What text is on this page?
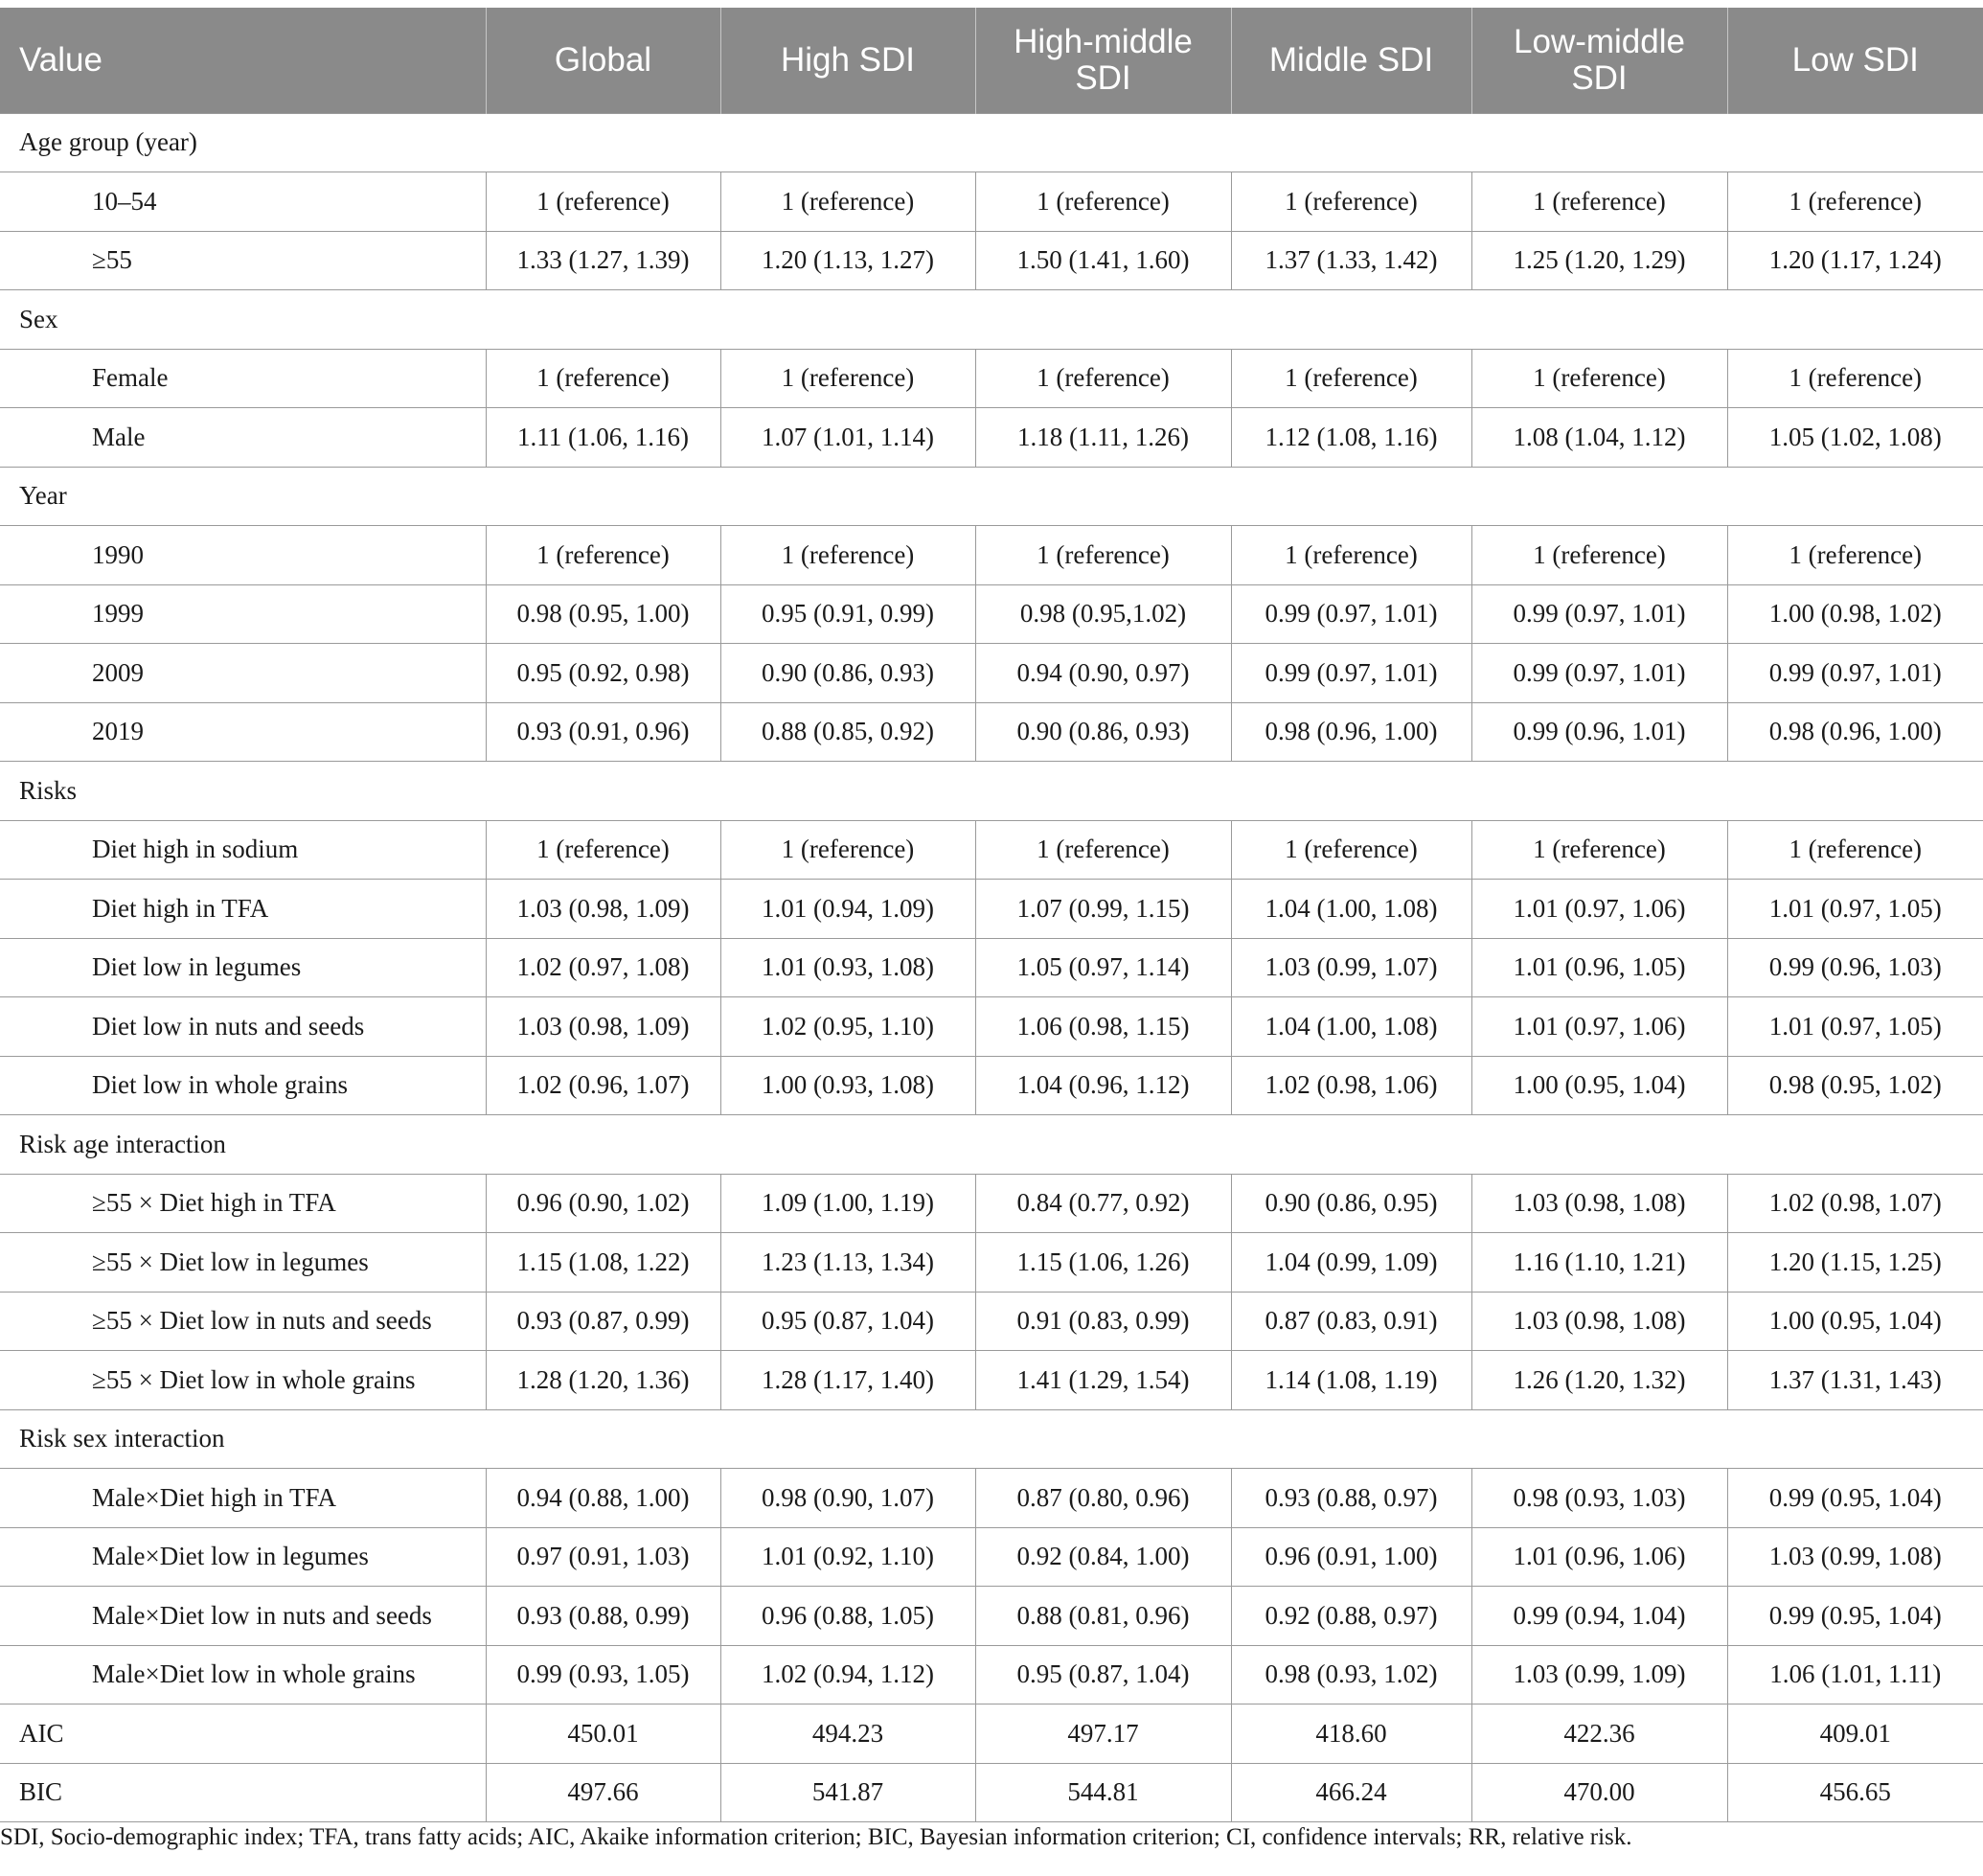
Value	Global	High SDI	High-middle SDI	Middle SDI	Low-middle SDI	Low SDI
Age group (year)						
10–54	1 (reference)	1 (reference)	1 (reference)	1 (reference)	1 (reference)	1 (reference)
≥55	1.33 (1.27, 1.39)	1.20 (1.13, 1.27)	1.50 (1.41, 1.60)	1.37 (1.33, 1.42)	1.25 (1.20, 1.29)	1.20 (1.17, 1.24)
Sex						
Female	1 (reference)	1 (reference)	1 (reference)	1 (reference)	1 (reference)	1 (reference)
Male	1.11 (1.06, 1.16)	1.07 (1.01, 1.14)	1.18 (1.11, 1.26)	1.12 (1.08, 1.16)	1.08 (1.04, 1.12)	1.05 (1.02, 1.08)
Year						
1990	1 (reference)	1 (reference)	1 (reference)	1 (reference)	1 (reference)	1 (reference)
1999	0.98 (0.95, 1.00)	0.95 (0.91, 0.99)	0.98 (0.95,1.02)	0.99 (0.97, 1.01)	0.99 (0.97, 1.01)	1.00 (0.98, 1.02)
2009	0.95 (0.92, 0.98)	0.90 (0.86, 0.93)	0.94 (0.90, 0.97)	0.99 (0.97, 1.01)	0.99 (0.97, 1.01)	0.99 (0.97, 1.01)
2019	0.93 (0.91, 0.96)	0.88 (0.85, 0.92)	0.90 (0.86, 0.93)	0.98 (0.96, 1.00)	0.99 (0.96, 1.01)	0.98 (0.96, 1.00)
Risks						
Diet high in sodium	1 (reference)	1 (reference)	1 (reference)	1 (reference)	1 (reference)	1 (reference)
Diet high in TFA	1.03 (0.98, 1.09)	1.01 (0.94, 1.09)	1.07 (0.99, 1.15)	1.04 (1.00, 1.08)	1.01 (0.97, 1.06)	1.01 (0.97, 1.05)
Diet low in legumes	1.02 (0.97, 1.08)	1.01 (0.93, 1.08)	1.05 (0.97, 1.14)	1.03 (0.99, 1.07)	1.01 (0.96, 1.05)	0.99 (0.96, 1.03)
Diet low in nuts and seeds	1.03 (0.98, 1.09)	1.02 (0.95, 1.10)	1.06 (0.98, 1.15)	1.04 (1.00, 1.08)	1.01 (0.97, 1.06)	1.01 (0.97, 1.05)
Diet low in whole grains	1.02 (0.96, 1.07)	1.00 (0.93, 1.08)	1.04 (0.96, 1.12)	1.02 (0.98, 1.06)	1.00 (0.95, 1.04)	0.98 (0.95, 1.02)
Risk age interaction						
≥55 × Diet high in TFA	0.96 (0.90, 1.02)	1.09 (1.00, 1.19)	0.84 (0.77, 0.92)	0.90 (0.86, 0.95)	1.03 (0.98, 1.08)	1.02 (0.98, 1.07)
≥55 × Diet low in legumes	1.15 (1.08, 1.22)	1.23 (1.13, 1.34)	1.15 (1.06, 1.26)	1.04 (0.99, 1.09)	1.16 (1.10, 1.21)	1.20 (1.15, 1.25)
≥55 × Diet low in nuts and seeds	0.93 (0.87, 0.99)	0.95 (0.87, 1.04)	0.91 (0.83, 0.99)	0.87 (0.83, 0.91)	1.03 (0.98, 1.08)	1.00 (0.95, 1.04)
≥55 × Diet low in whole grains	1.28 (1.20, 1.36)	1.28 (1.17, 1.40)	1.41 (1.29, 1.54)	1.14 (1.08, 1.19)	1.26 (1.20, 1.32)	1.37 (1.31, 1.43)
Risk sex interaction						
Male×Diet high in TFA	0.94 (0.88, 1.00)	0.98 (0.90, 1.07)	0.87 (0.80, 0.96)	0.93 (0.88, 0.97)	0.98 (0.93, 1.03)	0.99 (0.95, 1.04)
Male×Diet low in legumes	0.97 (0.91, 1.03)	1.01 (0.92, 1.10)	0.92 (0.84, 1.00)	0.96 (0.91, 1.00)	1.01 (0.96, 1.06)	1.03 (0.99, 1.08)
Male×Diet low in nuts and seeds	0.93 (0.88, 0.99)	0.96 (0.88, 1.05)	0.88 (0.81, 0.96)	0.92 (0.88, 0.97)	0.99 (0.94, 1.04)	0.99 (0.95, 1.04)
Male×Diet low in whole grains	0.99 (0.93, 1.05)	1.02 (0.94, 1.12)	0.95 (0.87, 1.04)	0.98 (0.93, 1.02)	1.03 (0.99, 1.09)	1.06 (1.01, 1.11)
AIC	450.01	494.23	497.17	418.60	422.36	409.01
BIC	497.66	541.87	544.81	466.24	470.00	456.65
SDI, Socio-demographic index; TFA, trans fatty acids; AIC, Akaike information criterion; BIC, Bayesian information criterion; CI, confidence intervals; RR, relative risk.
